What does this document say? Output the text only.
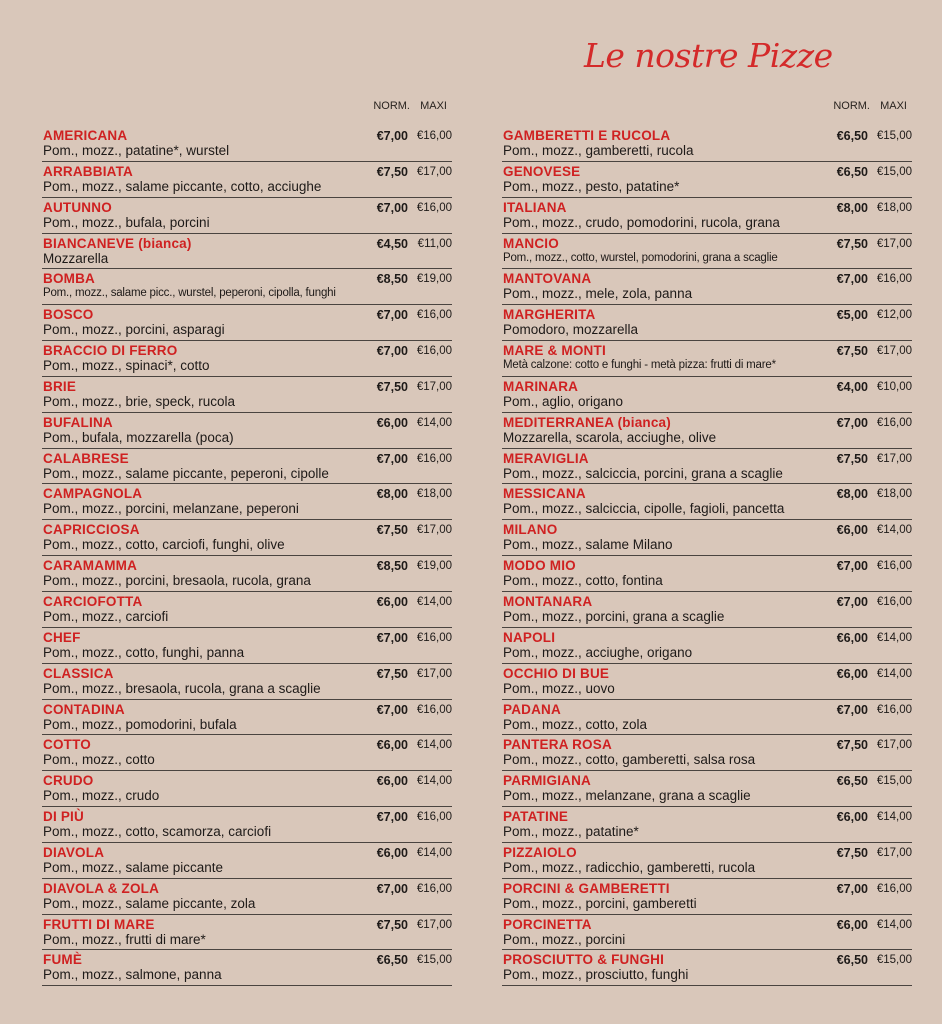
Le nostre Pizze
NORM. MAXI
AMERICANA
Pom., mozz., patatine*, wurstel
€7,00 €16,00
ARRABBIATA
Pom., mozz., salame piccante, cotto, acciughe
€7,50 €17,00
AUTUNNO
Pom., mozz., bufala, porcini
€7,00 €16,00
BIANCANEVE (bianca)
Mozzarella
€4,50 €11,00
BOMBA
Pom., mozz., salame picc., wurstel, peperoni, cipolla, funghi
€8,50 €19,00
BOSCO
Pom., mozz., porcini, asparagi
€7,00 €16,00
BRACCIO DI FERRO
Pom., mozz., spinaci*, cotto
€7,00 €16,00
BRIE
Pom., mozz., brie, speck, rucola
€7,50 €17,00
BUFALINA
Pom., bufala, mozzarella (poca)
€6,00 €14,00
CALABRESE
Pom., mozz., salame piccante, peperoni, cipolle
€7,00 €16,00
CAMPAGNOLA
Pom., mozz., porcini, melanzane, peperoni
€8,00 €18,00
CAPRICCIOSA
Pom., mozz., cotto, carciofi, funghi, olive
€7,50 €17,00
CARAMAMMA
Pom., mozz., porcini, bresaola, rucola, grana
€8,50 €19,00
CARCIOFOTTA
Pom., mozz., carciofi
€6,00 €14,00
CHEF
Pom., mozz., cotto, funghi, panna
€7,00 €16,00
CLASSICA
Pom., mozz., bresaola, rucola, grana a scaglie
€7,50 €17,00
CONTADINA
Pom., mozz., pomodorini, bufala
€7,00 €16,00
COTTO
Pom., mozz., cotto
€6,00 €14,00
CRUDO
Pom., mozz., crudo
€6,00 €14,00
DI PIÙ
Pom., mozz., cotto, scamorza, carciofi
€7,00 €16,00
DIAVOLA
Pom., mozz., salame piccante
€6,00 €14,00
DIAVOLA & ZOLA
Pom., mozz., salame piccante, zola
€7,00 €16,00
FRUTTI DI MARE
Pom., mozz., frutti di mare*
€7,50 €17,00
FUMÈ
Pom., mozz., salmone, panna
€6,50 €15,00
NORM. MAXI
GAMBERETTI E RUCOLA
Pom., mozz., gamberetti, rucola
€6,50 €15,00
GENOVESE
Pom., mozz., pesto, patatine*
€6,50 €15,00
ITALIANA
Pom., mozz., crudo, pomodorini, rucola, grana
€8,00 €18,00
MANCIO
Pom., mozz., cotto, wurstel, pomodorini, grana a scaglie
€7,50 €17,00
MANTOVANA
Pom., mozz., mele, zola, panna
€7,00 €16,00
MARGHERITA
Pomodoro, mozzarella
€5,00 €12,00
MARE & MONTI
Metà calzone: cotto e funghi - metà pizza: frutti di mare*
€7,50 €17,00
MARINARA
Pom., aglio, origano
€4,00 €10,00
MEDITERRANEA (bianca)
Mozzarella, scarola, acciughe, olive
€7,00 €16,00
MERAVIGLIA
Pom., mozz., salciccia, porcini, grana a scaglie
€7,50 €17,00
MESSICANA
Pom., mozz., salciccia, cipolle, fagioli, pancetta
€8,00 €18,00
MILANO
Pom., mozz., salame Milano
€6,00 €14,00
MODO MIO
Pom., mozz., cotto, fontina
€7,00 €16,00
MONTANARA
Pom., mozz., porcini, grana a scaglie
€7,00 €16,00
NAPOLI
Pom., mozz., acciughe, origano
€6,00 €14,00
OCCHIO DI BUE
Pom., mozz., uovo
€6,00 €14,00
PADANA
Pom., mozz., cotto, zola
€7,00 €16,00
PANTERA ROSA
Pom., mozz., cotto, gamberetti, salsa rosa
€7,50 €17,00
PARMIGIANA
Pom., mozz., melanzane, grana a scaglie
€6,50 €15,00
PATATINE
Pom., mozz., patatine*
€6,00 €14,00
PIZZAIOLO
Pom., mozz., radicchio, gamberetti, rucola
€7,50 €17,00
PORCINI & GAMBERETTI
Pom., mozz., porcini, gamberetti
€7,00 €16,00
PORCINETTA
Pom., mozz., porcini
€6,00 €14,00
PROSCIUTTO & FUNGHI
Pom., mozz., prosciutto, funghi
€6,50 €15,00
